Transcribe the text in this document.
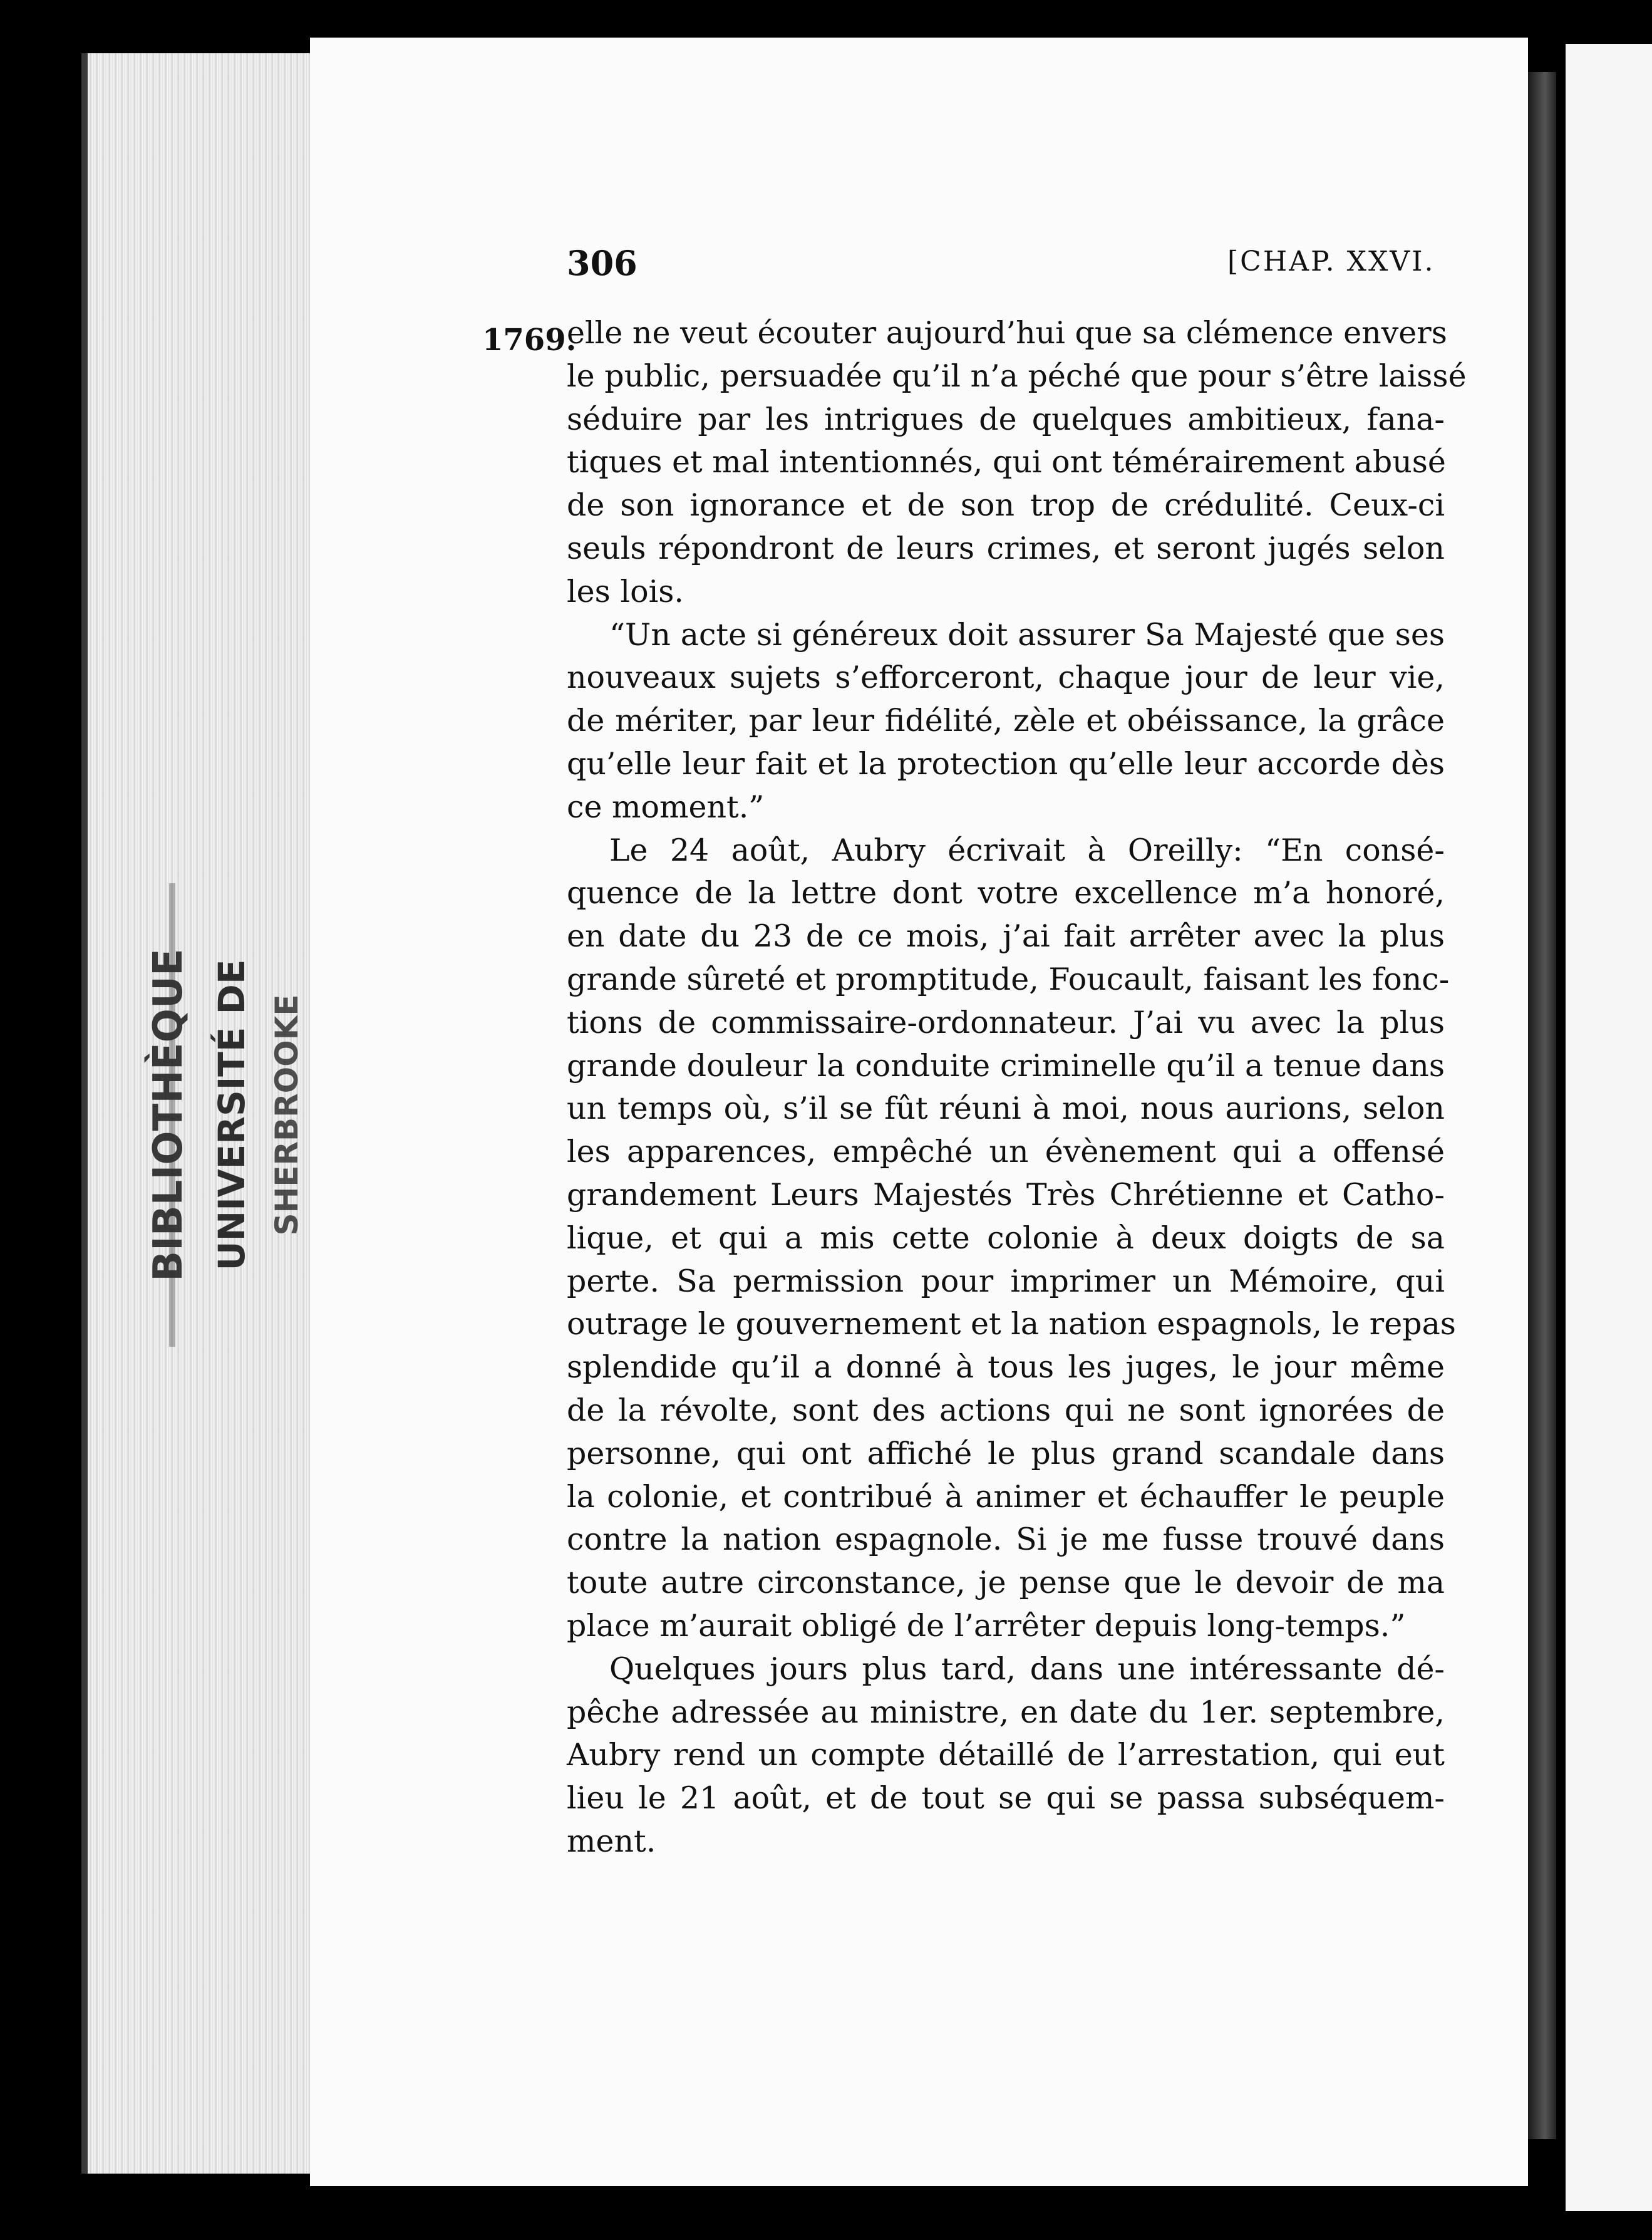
BIBLIOTHÈQUE UNIVERSITÉ DE SHERBROOKE
306	[CHAP. XXVI.
1769.
elle ne veut écouter aujourd’hui que sa clémence envers
le public, persuadée qu’il n’a péché que pour s’être laissé
séduire par les intrigues de quelques ambitieux, fana-
tiques et mal intentionnés, qui ont témérairement abusé
de son ignorance et de son trop de crédulité. Ceux-ci
seuls répondront de leurs crimes, et seront jugés selon
les lois.
“Un acte si généreux doit assurer Sa Majesté que ses
nouveaux sujets s’efforceront, chaque jour de leur vie,
de mériter, par leur fidélité, zèle et obéissance, la grâce
qu’elle leur fait et la protection qu’elle leur accorde dès
ce moment.”
Le 24 août, Aubry écrivait à Oreilly: “En consé-
quence de la lettre dont votre excellence m’a honoré,
en date du 23 de ce mois, j’ai fait arrêter avec la plus
grande sûreté et promptitude, Foucault, faisant les fonc-
tions de commissaire-ordonnateur. J’ai vu avec la plus
grande douleur la conduite criminelle qu’il a tenue dans
un temps où, s’il se fût réuni à moi, nous aurions, selon
les apparences, empêché un évènement qui a offensé
grandement Leurs Majestés Très Chrétienne et Catho-
lique, et qui a mis cette colonie à deux doigts de sa
perte. Sa permission pour imprimer un Mémoire, qui
outrage le gouvernement et la nation espagnols, le repas
splendide qu’il a donné à tous les juges, le jour même
de la révolte, sont des actions qui ne sont ignorées de
personne, qui ont affiché le plus grand scandale dans
la colonie, et contribué à animer et échauffer le peuple
contre la nation espagnole. Si je me fusse trouvé dans
toute autre circonstance, je pense que le devoir de ma
place m’aurait obligé de l’arrêter depuis long-temps.”
Quelques jours plus tard, dans une intéressante dé-
pêche adressée au ministre, en date du 1er. septembre,
Aubry rend un compte détaillé de l’arrestation, qui eut
lieu le 21 août, et de tout se qui se passa subséquem-
ment.
